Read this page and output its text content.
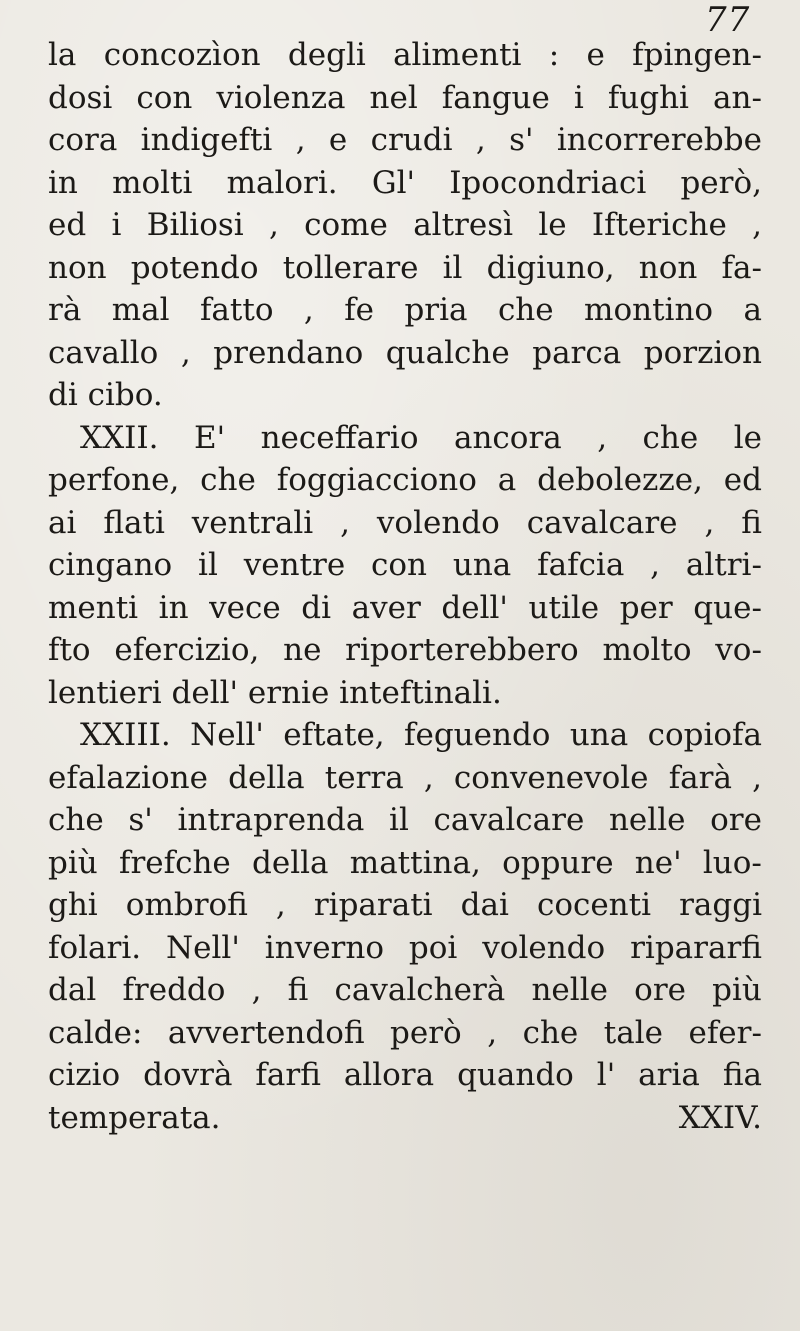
77
la concozìon degli alimenti : e fpingen-
dosi con violenza nel fangue i fughi an-
cora indigefti , e crudi , s' incorrerebbe
in molti malori. Gl' Ipocondriaci però,
ed i Biliosi , come altresì le Ifteriche ,
non potendo tollerare il digiuno, non fa-
rà mal fatto , fe pria che montino a
cavallo , prendano qualche parca porzion
di cibo.
XXII. E' neceffario ancora , che le
perfone, che foggiacciono a debolezze, ed
ai flati ventrali , volendo cavalcare , fi
cingano il ventre con una fafcia , altri-
menti in vece di aver dell' utile per que-
fto efercizio, ne riporterebbero molto vo-
lentieri dell' ernie inteftinali.
XXIII. Nell' eftate, feguendo una copiofa
efalazione della terra , convenevole farà ,
che s' intraprenda il cavalcare nelle ore
più frefche della mattina, oppure ne' luo-
ghi ombrofi , riparati dai cocenti raggi
folari. Nell' inverno poi volendo ripararfi
dal freddo , fi cavalcherà nelle ore più
calde: avvertendofi però , che tale efer-
cizio dovrà farfi allora quando l' aria fia
temperata.	XXIV.
